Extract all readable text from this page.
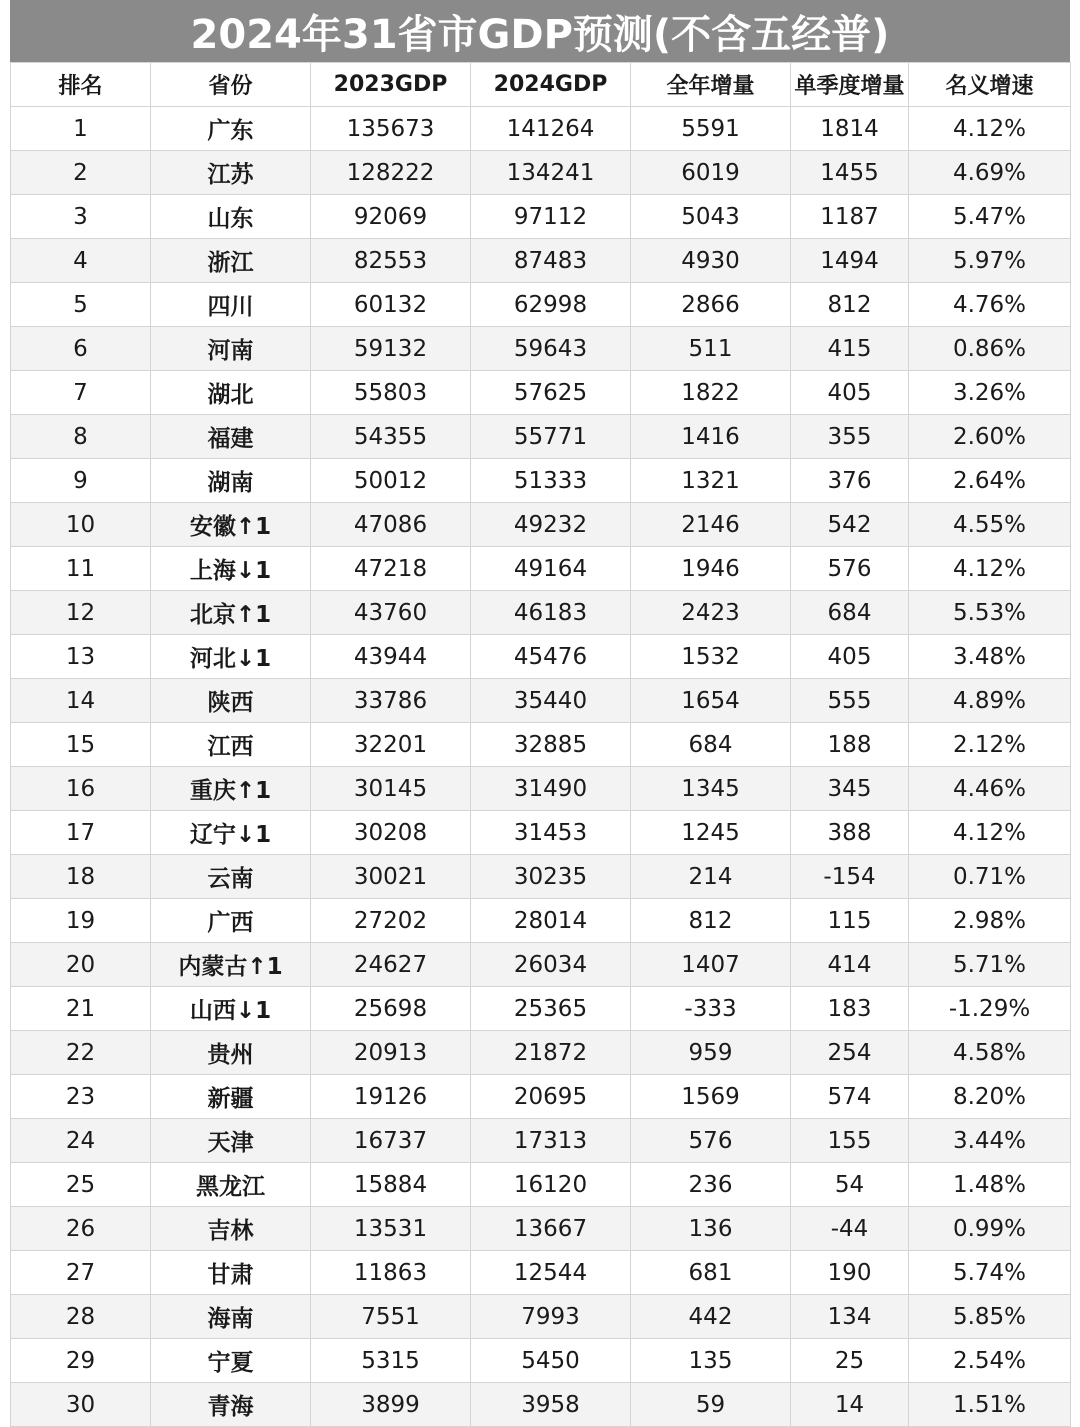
2024年31省市GDP预测(不含五经普)
排名	省份	2023GDP	2024GDP	全年增量	单季度增量	名义增速
1	广东	135673	141264	5591	1814	4.12%
2	江苏	128222	134241	6019	1455	4.69%
3	山东	92069	97112	5043	1187	5.47%
4	浙江	82553	87483	4930	1494	5.97%
5	四川	60132	62998	2866	812	4.76%
6	河南	59132	59643	511	415	0.86%
7	湖北	55803	57625	1822	405	3.26%
8	福建	54355	55771	1416	355	2.60%
9	湖南	50012	51333	1321	376	2.64%
10	安徽↑1	47086	49232	2146	542	4.55%
11	上海↓1	47218	49164	1946	576	4.12%
12	北京↑1	43760	46183	2423	684	5.53%
13	河北↓1	43944	45476	1532	405	3.48%
14	陕西	33786	35440	1654	555	4.89%
15	江西	32201	32885	684	188	2.12%
16	重庆↑1	30145	31490	1345	345	4.46%
17	辽宁↓1	30208	31453	1245	388	4.12%
18	云南	30021	30235	214	-154	0.71%
19	广西	27202	28014	812	115	2.98%
20	内蒙古↑1	24627	26034	1407	414	5.71%
21	山西↓1	25698	25365	-333	183	-1.29%
22	贵州	20913	21872	959	254	4.58%
23	新疆	19126	20695	1569	574	8.20%
24	天津	16737	17313	576	155	3.44%
25	黑龙江	15884	16120	236	54	1.48%
26	吉林	13531	13667	136	-44	0.99%
27	甘肃	11863	12544	681	190	5.74%
28	海南	7551	7993	442	134	5.85%
29	宁夏	5315	5450	135	25	2.54%
30	青海	3899	3958	59	14	1.51%
